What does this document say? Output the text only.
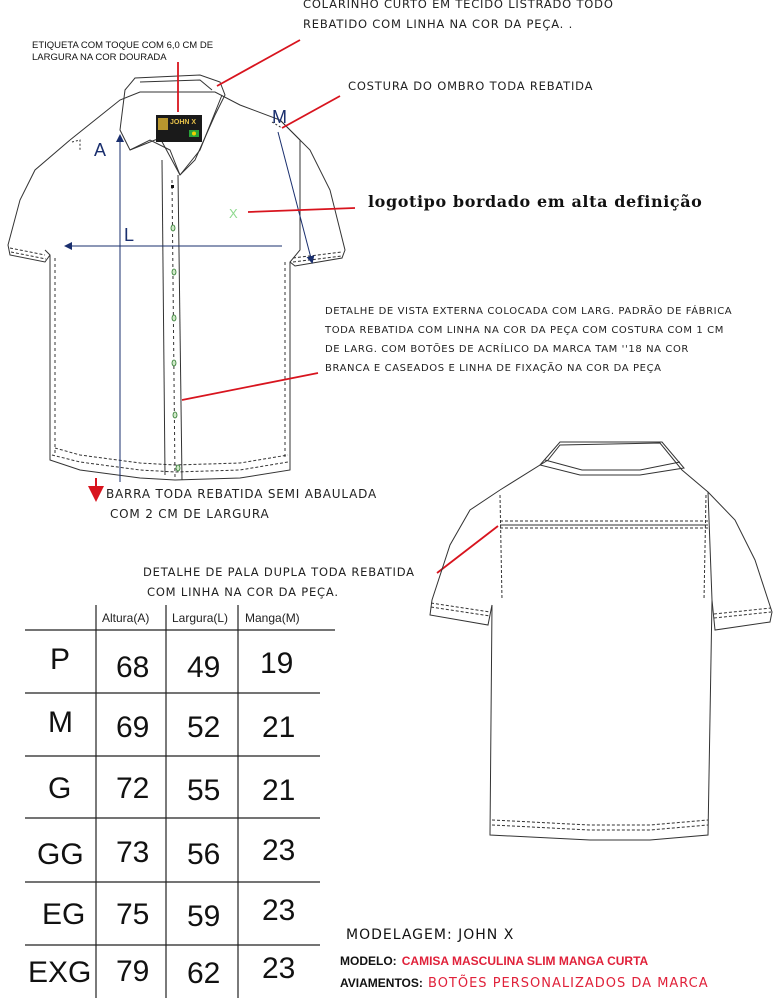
X
JOHN X
COLARINHO CURTO EM TECIDO LISTRADO TODO
REBATIDO COM LINHA NA COR DA PEÇA. .
ETIQUETA COM TOQUE COM 6,0 CM DE
LARGURA NA COR DOURADA
COSTURA DO OMBRO TODA REBATIDA
logotipo bordado em alta definição
DETALHE DE VISTA EXTERNA COLOCADA COM LARG. PADRÃO DE FÁBRICA
TODA REBATIDA COM LINHA NA COR DA PEÇA COM COSTURA COM 1 CM
DE LARG. COM BOTÕES DE ACRÍLICO DA MARCA TAM ''18 NA COR
BRANCA E CASEADOS E LINHA DE FIXAÇÃO NA COR DA PEÇA
BARRA TODA REBATIDA SEMI ABAULADA
COM 2 CM DE LARGURA
DETALHE DE PALA DUPLA TODA REBATIDA
COM LINHA NA COR DA PEÇA.
A
L
M
Altura(A) Largura(L) Manga(M)
P 68 49 19
M 69 52 21
G 72 55 21
GG 73 56 23
EG 75 59 23
EXG 79 62 23
MODELAGEM: JOHN X
MODELO: CAMISA MASCULINA SLIM MANGA CURTA
AVIAMENTOS: BOTÕES PERSONALIZADOS DA MARCA
